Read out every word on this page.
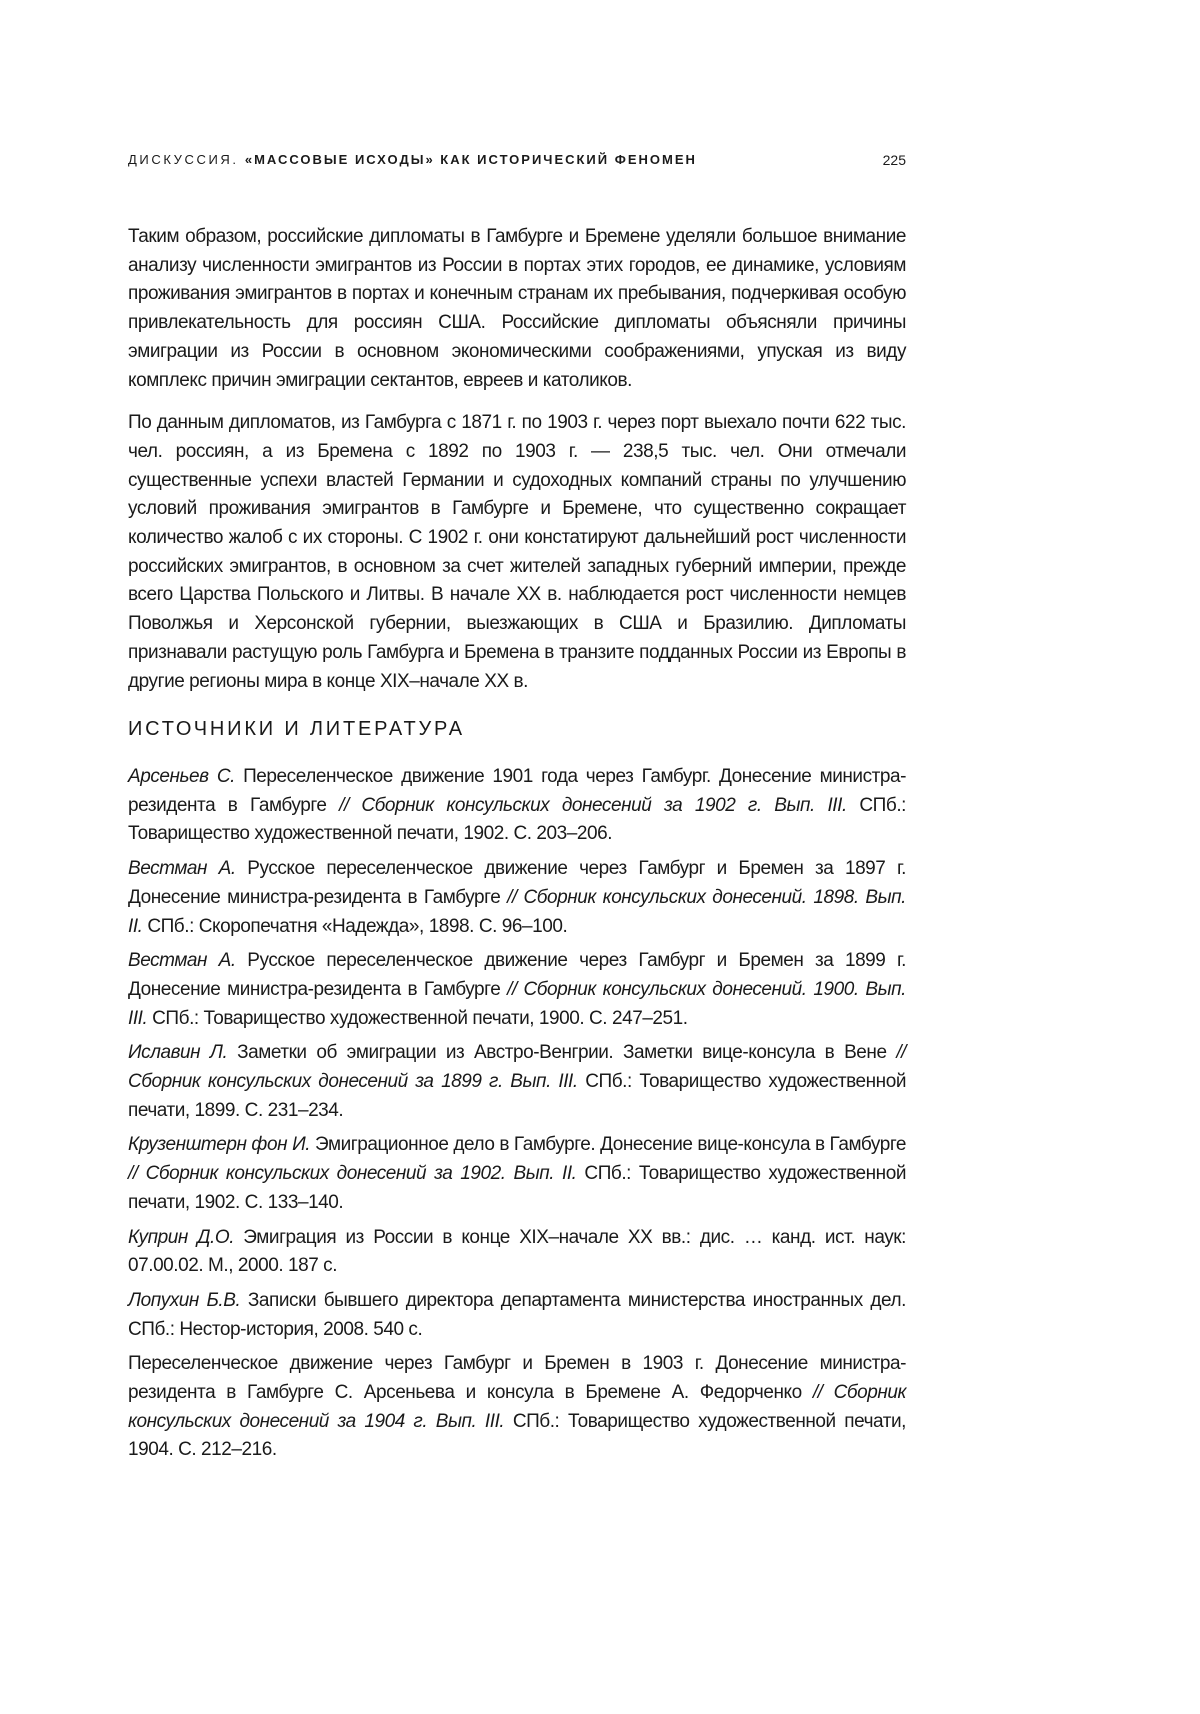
ДИСКУССИЯ. «МАССОВЫЕ ИСХОДЫ» КАК ИСТОРИЧЕСКИЙ ФЕНОМЕН	225

Таким образом, российские дипломаты в Гамбурге и Бремене уделяли большое внимание анализу численности эмигрантов из России в портах этих городов, ее динамике, условиям проживания эмигрантов в портах и конечным странам их пребывания, подчеркивая особую привлекательность для россиян США. Российские дипломаты объясняли причины эмиграции из России в основном экономическими соображениями, упуская из виду комплекс причин эмиграции сектантов, евреев и католиков.

По данным дипломатов, из Гамбурга с 1871 г. по 1903 г. через порт выехало почти 622 тыс. чел. россиян, а из Бремена с 1892 по 1903 г. — 238,5 тыс. чел. Они отмечали существенные успехи властей Германии и судоходных компаний страны по улучшению условий проживания эмигрантов в Гамбурге и Бремене, что существенно сокращает количество жалоб с их стороны. С 1902 г. они констатируют дальнейший рост численности российских эмигрантов, в основном за счет жителей западных губерний империи, прежде всего Царства Польского и Литвы. В начале XX в. наблюдается рост численности немцев Поволжья и Херсонской губернии, выезжающих в США и Бразилию. Дипломаты признавали растущую роль Гамбурга и Бремена в транзите подданных России из Европы в другие регионы мира в конце XIX–начале XX в.

ИСТОЧНИКИ И ЛИТЕРАТУРА

Арсеньев С. Переселенческое движение 1901 года через Гамбург. Донесение министра-резидента в Гамбурге // Сборник консульских донесений за 1902 г. Вып. III. СПб.: Товарищество художественной печати, 1902. С. 203–206.

Вестман А. Русское переселенческое движение через Гамбург и Бремен за 1897 г. Донесение министра-резидента в Гамбурге // Сборник консульских донесений. 1898. Вып. II. СПб.: Скоропечатня «Надежда», 1898. С. 96–100.

Вестман А. Русское переселенческое движение через Гамбург и Бремен за 1899 г. Донесение министра-резидента в Гамбурге // Сборник консульских донесений. 1900. Вып. III. СПб.: Товарищество художественной печати, 1900. С. 247–251.

Иславин Л. Заметки об эмиграции из Австро-Венгрии. Заметки вице-консула в Вене // Сборник консульских донесений за 1899 г. Вып. III. СПб.: Товарищество художественной печати, 1899. С. 231–234.

Крузенштерн фон И. Эмиграционное дело в Гамбурге. Донесение вице-консула в Гамбурге // Сборник консульских донесений за 1902. Вып. II. СПб.: Товарищество художественной печати, 1902. С. 133–140.

Куприн Д.О. Эмиграция из России в конце XIX–начале XX вв.: дис. … канд. ист. наук: 07.00.02. М., 2000. 187 с.

Лопухин Б.В. Записки бывшего директора департамента министерства иностранных дел. СПб.: Нестор-история, 2008. 540 с.

Переселенческое движение через Гамбург и Бремен в 1903 г. Донесение министра-резидента в Гамбурге С. Арсеньева и консула в Бремене А. Федорченко // Сборник консульских донесений за 1904 г. Вып. III. СПб.: Товарищество художественной печати, 1904. С. 212–216.
